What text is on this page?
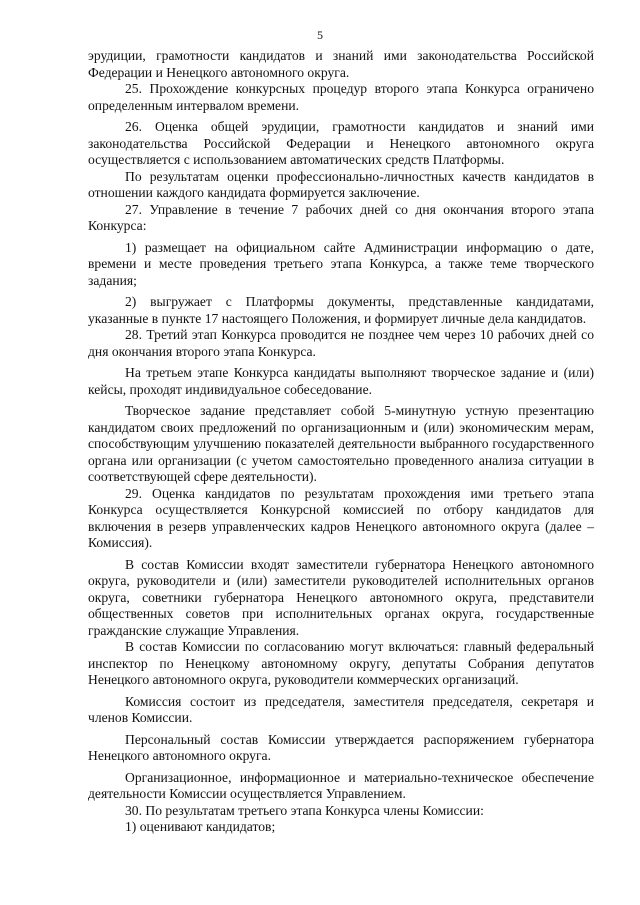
5

эрудиции, грамотности кандидатов и знаний ими законодательства Российской Федерации и Ненецкого автономного округа.

25. Прохождение конкурсных процедур второго этапа Конкурса ограничено определенным интервалом времени.

26. Оценка общей эрудиции, грамотности кандидатов и знаний ими законодательства Российской Федерации и Ненецкого автономного округа осуществляется с использованием автоматических средств Платформы.

По результатам оценки профессионально-личностных качеств кандидатов в отношении каждого кандидата формируется заключение.

27. Управление в течение 7 рабочих дней со дня окончания второго этапа Конкурса:

1) размещает на официальном сайте Администрации информацию о дате, времени и месте проведения третьего этапа Конкурса, а также теме творческого задания;

2) выгружает с Платформы документы, представленные кандидатами, указанные в пункте 17 настоящего Положения, и формирует личные дела кандидатов.

28. Третий этап Конкурса проводится не позднее чем через 10 рабочих дней со дня окончания второго этапа Конкурса.

На третьем этапе Конкурса кандидаты выполняют творческое задание и (или) кейсы, проходят индивидуальное собеседование.

Творческое задание представляет собой 5-минутную устную презентацию кандидатом своих предложений по организационным и (или) экономическим мерам, способствующим улучшению показателей деятельности выбранного государственного органа или организации (с учетом самостоятельно проведенного анализа ситуации в соответствующей сфере деятельности).

29. Оценка кандидатов по результатам прохождения ими третьего этапа Конкурса осуществляется Конкурсной комиссией по отбору кандидатов для включения в резерв управленческих кадров Ненецкого автономного округа (далее – Комиссия).

В состав Комиссии входят заместители губернатора Ненецкого автономного округа, руководители и (или) заместители руководителей исполнительных органов округа, советники губернатора Ненецкого автономного округа, представители общественных советов при исполнительных органах округа, государственные гражданские служащие Управления.

В состав Комиссии по согласованию могут включаться: главный федеральный инспектор по Ненецкому автономному округу, депутаты Собрания депутатов Ненецкого автономного округа, руководители коммерческих организаций.

Комиссия состоит из председателя, заместителя председателя, секретаря и членов Комиссии.

Персональный состав Комиссии утверждается распоряжением губернатора Ненецкого автономного округа.

Организационное, информационное и материально-техническое обеспечение деятельности Комиссии осуществляется Управлением.

30. По результатам третьего этапа Конкурса члены Комиссии:

1) оценивают кандидатов;
